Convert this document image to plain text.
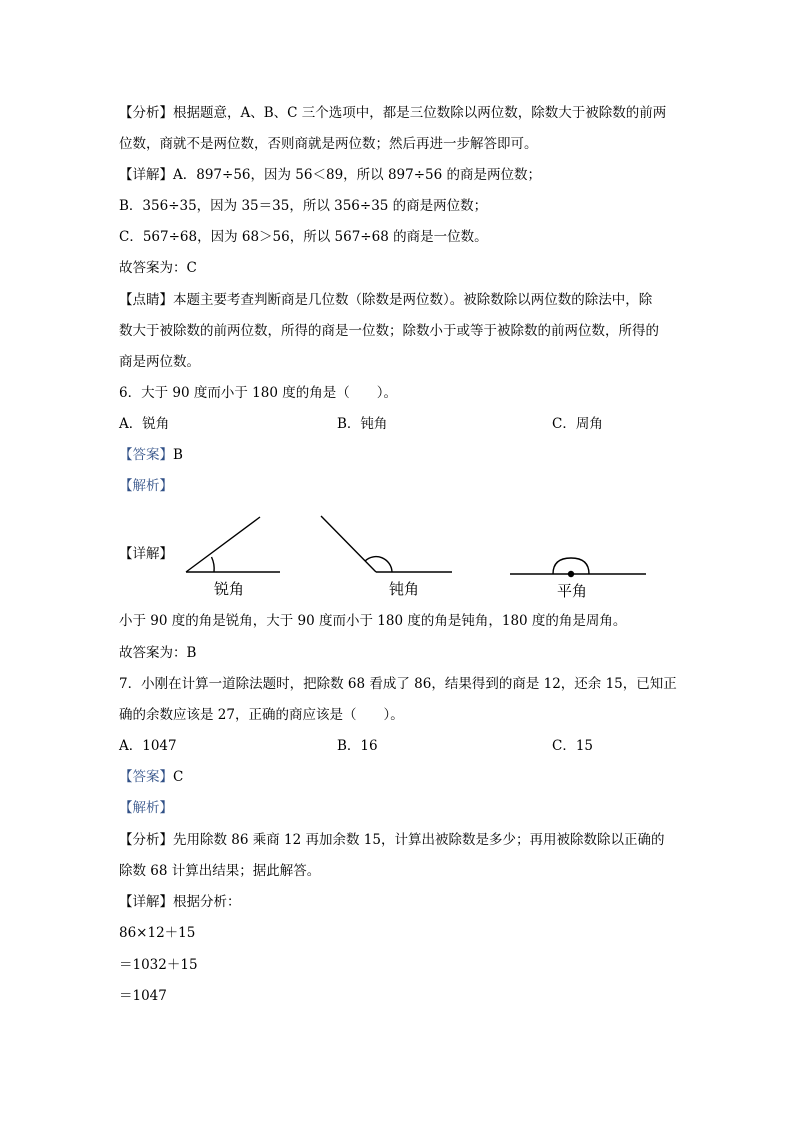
【分析】根据题意，A、B、C 三个选项中，都是三位数除以两位数，除数大于被除数的前两
位数，商就不是两位数，否则商就是两位数；然后再进一步解答即可。
【详解】A．897÷56，因为 56＜89，所以 897÷56 的商是两位数；
B．356÷35，因为 35＝35，所以 356÷35 的商是两位数；
C．567÷68，因为 68＞56，所以 567÷68 的商是一位数。
故答案为：C
【点睛】本题主要考查判断商是几位数（除数是两位数）。被除数除以两位数的除法中，除
数大于被除数的前两位数，所得的商是一位数；除数小于或等于被除数的前两位数，所得的
商是两位数。
6．大于 90 度而小于 180 度的角是（　　）。
A．锐角	B．钝角	C．周角
【答案】B
【解析】
【详解】
锐角	钝角	平角
小于 90 度的角是锐角，大于 90 度而小于 180 度的角是钝角，180 度的角是周角。
故答案为：B
7．小刚在计算一道除法题时，把除数 68 看成了 86，结果得到的商是 12，还余 15，已知正
确的余数应该是 27，正确的商应该是（　　）。
A．1047	B．16	C．15
【答案】C
【解析】
【分析】先用除数 86 乘商 12 再加余数 15，计算出被除数是多少；再用被除数除以正确的
除数 68 计算出结果；据此解答。
【详解】根据分析：
86×12＋15
＝1032＋15
＝1047
